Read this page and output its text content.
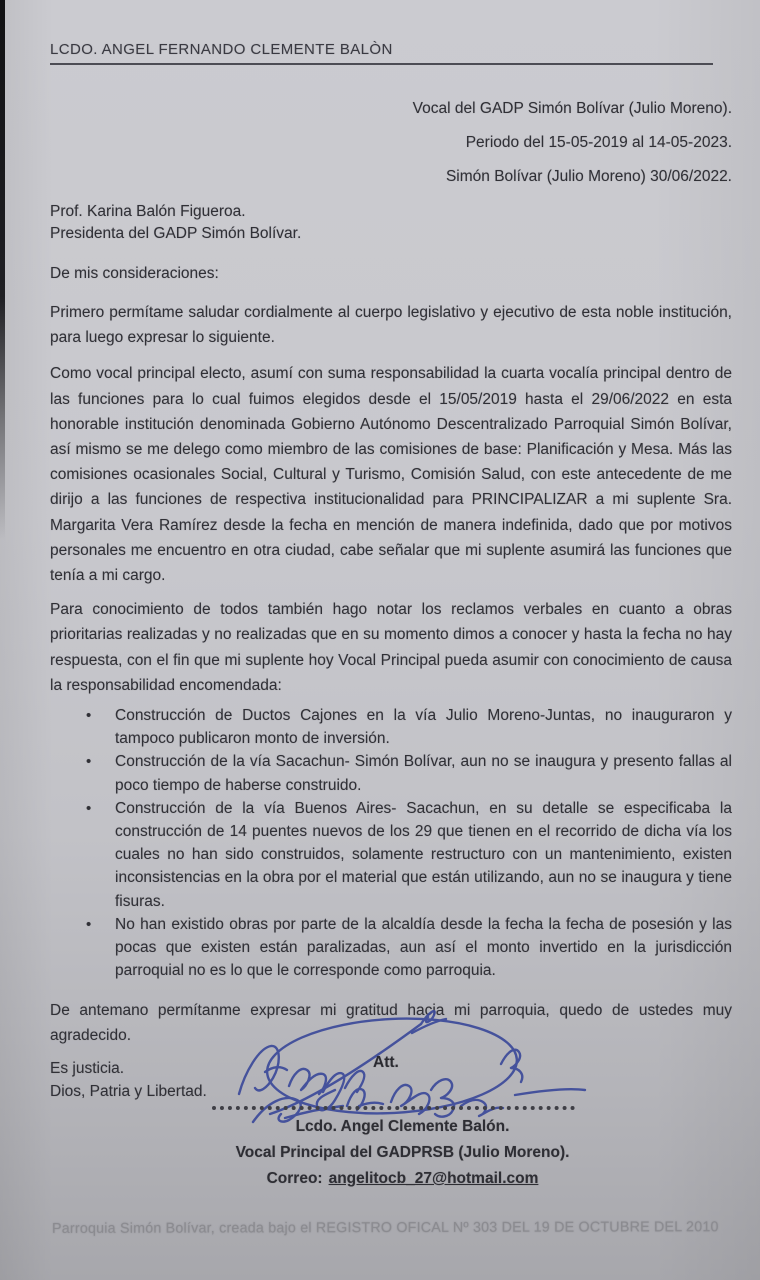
LCDO. ANGEL FERNANDO CLEMENTE BALÒN
Vocal del GADP Simón Bolívar (Julio Moreno).
Periodo del 15-05-2019 al 14-05-2023.
Simón Bolívar (Julio Moreno) 30/06/2022.
Prof. Karina Balón Figueroa.
Presidenta del GADP Simón Bolívar.
De mis consideraciones:

Primero permítame saludar cordialmente al cuerpo legislativo y ejecutivo de esta noble institución, para luego expresar lo siguiente.

Como vocal principal electo, asumí con suma responsabilidad la cuarta vocalía principal dentro de las funciones para lo cual fuimos elegidos desde el 15/05/2019 hasta el 29/06/2022 en esta honorable institución denominada Gobierno Autónomo Descentralizado Parroquial Simón Bolívar, así mismo se me delego como miembro de las comisiones de base: Planificación y Mesa. Más las comisiones ocasionales Social, Cultural y Turismo, Comisión Salud, con este antecedente de me dirijo a las funciones de respectiva institucionalidad para PRINCIPALIZAR a mi suplente Sra. Margarita Vera Ramírez desde la fecha en mención de manera indefinida, dado que por motivos personales me encuentro en otra ciudad, cabe señalar que mi suplente asumirá las funciones que tenía a mi cargo.

Para conocimiento de todos también hago notar los reclamos verbales en cuanto a obras prioritarias realizadas y no realizadas que en su momento dimos a conocer y hasta la fecha no hay respuesta, con el fin que mi suplente hoy Vocal Principal pueda asumir con conocimiento de causa la responsabilidad encomendada:

• Construcción de Ductos Cajones en la vía Julio Moreno-Juntas, no inauguraron y tampoco publicaron monto de inversión.
• Construcción de la vía Sacachun- Simón Bolívar, aun no se inaugura y presento fallas al poco tiempo de haberse construido.
• Construcción de la vía Buenos Aires- Sacachun, en su detalle se especificaba la construcción de 14 puentes nuevos de los 29 que tienen en el recorrido de dicha vía los cuales no han sido construidos, solamente restructuro con un mantenimiento, existen inconsistencias en la obra por el material que están utilizando, aun no se inaugura y tiene fisuras.
• No han existido obras por parte de la alcaldía desde la fecha la fecha de posesión y las pocas que existen están paralizadas, aun así el monto invertido en la jurisdicción parroquial no es lo que le corresponde como parroquia.

De antemano permítanme expresar mi gratitud hacia mi parroquia, quedo de ustedes muy agradecido.

Es justicia.
Dios, Patria y Libertad.
Att.
Lcdo. Angel Clemente Balón.
Vocal Principal del GADPRSB (Julio Moreno).
Correo: angelitocb_27@hotmail.com
Parroquia Simón Bolívar, creada bajo el REGISTRO OFICAL Nº 303 DEL 19 DE OCTUBRE DEL 2010
